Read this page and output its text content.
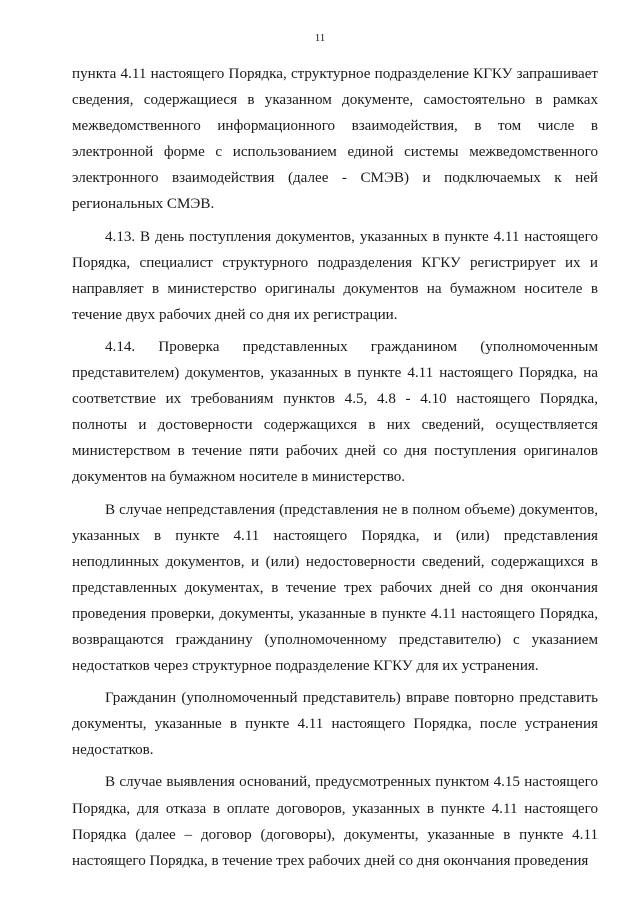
11

пункта 4.11 настоящего Порядка, структурное подразделение КГКУ запрашивает сведения, содержащиеся в указанном документе, самостоятельно в рамках межведомственного информационного взаимодействия, в том числе в электронной форме с использованием единой системы межведомственного электронного взаимодействия (далее - СМЭВ) и подключаемых к ней региональных СМЭВ.

4.13. В день поступления документов, указанных в пункте 4.11 настоящего Порядка, специалист структурного подразделения КГКУ регистрирует их и направляет в министерство оригиналы документов на бумажном носителе в течение двух рабочих дней со дня их регистрации.

4.14. Проверка представленных гражданином (уполномоченным представителем) документов, указанных в пункте 4.11 настоящего Порядка, на соответствие их требованиям пунктов 4.5, 4.8 - 4.10 настоящего Порядка, полноты и достоверности содержащихся в них сведений, осуществляется министерством в течение пяти рабочих дней со дня поступления оригиналов документов на бумажном носителе в министерство.

В случае непредставления (представления не в полном объеме) документов, указанных в пункте 4.11 настоящего Порядка, и (или) представления неподлинных документов, и (или) недостоверности сведений, содержащихся в представленных документах, в течение трех рабочих дней со дня окончания проведения проверки, документы, указанные в пункте 4.11 настоящего Порядка, возвращаются гражданину (уполномоченному представителю) с указанием недостатков через структурное подразделение КГКУ для их устранения.

Гражданин (уполномоченный представитель) вправе повторно представить документы, указанные в пункте 4.11 настоящего Порядка, после устранения недостатков.

В случае выявления оснований, предусмотренных пунктом 4.15 настоящего Порядка, для отказа в оплате договоров, указанных в пункте 4.11 настоящего Порядка (далее – договор (договоры), документы, указанные в пункте 4.11 настоящего Порядка, в течение трех рабочих дней со дня окончания проведения
